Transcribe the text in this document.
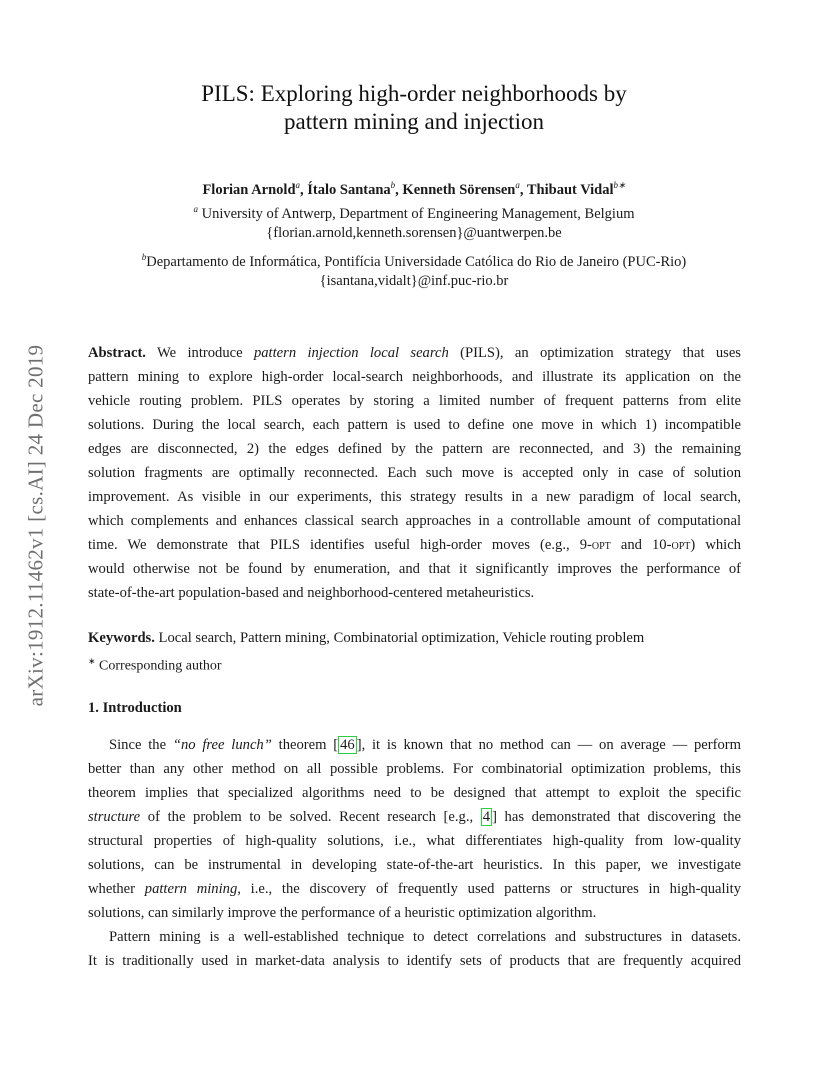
arXiv:1912.11462v1 [cs.AI] 24 Dec 2019
PILS: Exploring high-order neighborhoods by
pattern mining and injection
Florian Arnold$^a$, Ítalo Santana$^b$, Kenneth Sörensen$^a$, Thibaut Vidal$^{b∗}$
$^a$ University of Antwerp, Department of Engineering Management, Belgium
{florian.arnold,kenneth.sorensen}@uantwerpen.be
$^b$Departamento de Informática, Pontifícia Universidade Católica do Rio de Janeiro (PUC-Rio)
{isantana,vidalt}@inf.puc-rio.br
Abstract. We introduce pattern injection local search (PILS), an optimization strategy that uses
pattern mining to explore high-order local-search neighborhoods, and illustrate its application on the
vehicle routing problem. PILS operates by storing a limited number of frequent patterns from elite
solutions. During the local search, each pattern is used to define one move in which 1) incompatible
edges are disconnected, 2) the edges defined by the pattern are reconnected, and 3) the remaining
solution fragments are optimally reconnected. Each such move is accepted only in case of solution
improvement. As visible in our experiments, this strategy results in a new paradigm of local search,
which complements and enhances classical search approaches in a controllable amount of computational
time. We demonstrate that PILS identifies useful high-order moves (e.g., 9-opt and 10-opt) which
would otherwise not be found by enumeration, and that it significantly improves the performance of
state-of-the-art population-based and neighborhood-centered metaheuristics.
Keywords. Local search, Pattern mining, Combinatorial optimization, Vehicle routing problem
∗ Corresponding author
1. Introduction
Since the “no free lunch” theorem [ 46 ], it is known that no method can — on average — perform
better than any other method on all possible problems. For combinatorial optimization problems, this
theorem implies that specialized algorithms need to be designed that attempt to exploit the specific
structure of the problem to be solved. Recent research [e.g., 4 ] has demonstrated that discovering the
structural properties of high-quality solutions, i.e., what differentiates high-quality from low-quality
solutions, can be instrumental in developing state-of-the-art heuristics. In this paper, we investigate
whether pattern mining, i.e., the discovery of frequently used patterns or structures in high-quality
solutions, can similarly improve the performance of a heuristic optimization algorithm.
Pattern mining is a well-established technique to detect correlations and substructures in datasets.
It is traditionally used in market-data analysis to identify sets of products that are frequently acquired
